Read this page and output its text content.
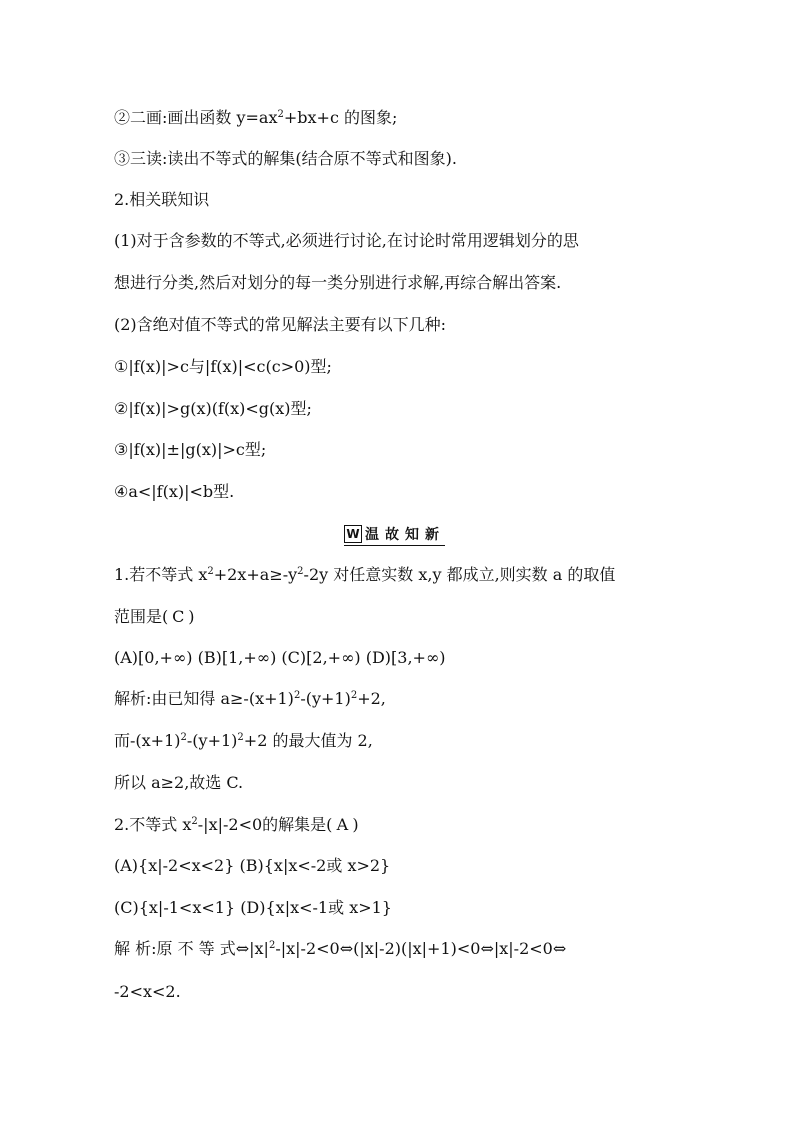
②二画:画出函数 $y=ax^2+bx+c$ 的图象;

③三读:读出不等式的解集(结合原不等式和图象).

2.相关联知识

(1)对于含参数的不等式,必须进行讨论,在讨论时常用逻辑划分的思

想进行分类,然后对划分的每一类分别进行求解,再综合解出答案.

(2)含绝对值不等式的常见解法主要有以下几种:

①|f(x)|>c与|f(x)|<c(c>0)型;

②|f(x)|>g(x)(f(x)<g(x)型;

③|f(x)|±|g(x)|>c型;

④a<|f(x)|<b型.

W 温故知新

1.若不等式 $x^2+2x+a\ge-y^2-2y$ 对任意实数 x,y 都成立,则实数 a 的取值

范围是( C )

(A)[0,+∞) (B)[1,+∞) (C)[2,+∞) (D)[3,+∞)

解析:由已知得 $a\ge-(x+1)^2-(y+1)^2+2$,

而$-(x+1)^2-(y+1)^2+2$ 的最大值为 2,

所以 a≥2,故选 C.

2.不等式 $x^2-|x|-2<0$的解集是( A )

(A){x|-2<x<2} (B){x|x<-2或 x>2}

(C){x|-1<x<1} (D){x|x<-1或 x>1}

解 析:原 不 等 式$\Leftrightarrow|x|^2-|x|-2<0\Leftrightarrow(|x|-2)(|x|+1)<0\Leftrightarrow|x|-2<0\Leftrightarrow$

-2<x<2.
